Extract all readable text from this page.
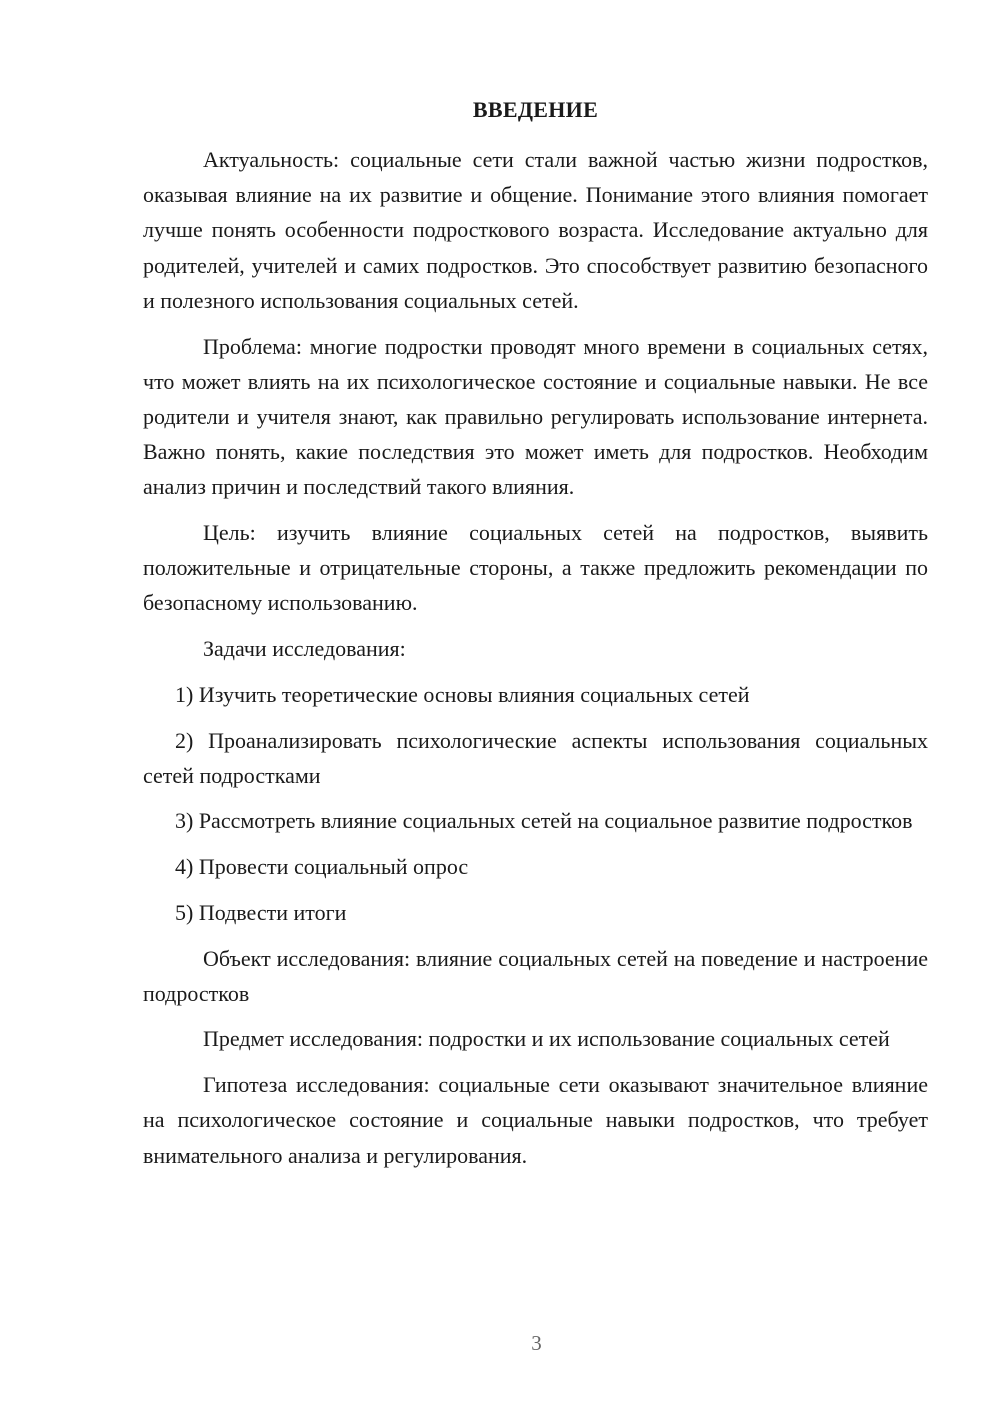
ВВЕДЕНИЕ

Актуальность: социальные сети стали важной частью жизни подростков, оказывая влияние на их развитие и общение. Понимание этого влияния помогает лучше понять особенности подросткового возраста. Исследование актуально для родителей, учителей и самих подростков. Это способствует развитию безопасного и полезного использования социальных сетей.

Проблема: многие подростки проводят много времени в социальных сетях, что может влиять на их психологическое состояние и социальные навыки. Не все родители и учителя знают, как правильно регулировать использование интернета. Важно понять, какие последствия это может иметь для подростков. Необходим анализ причин и последствий такого влияния.

Цель: изучить влияние социальных сетей на подростков, выявить положительные и отрицательные стороны, а также предложить рекомендации по безопасному использованию.

Задачи исследования:

1) Изучить теоретические основы влияния социальных сетей

2) Проанализировать психологические аспекты использования социальных сетей подростками

3) Рассмотреть влияние социальных сетей на социальное развитие подростков

4) Провести социальный опрос

5) Подвести итоги

Объект исследования: влияние социальных сетей на поведение и настроение подростков

Предмет исследования: подростки и их использование социальных сетей

Гипотеза исследования: социальные сети оказывают значительное влияние на психологическое состояние и социальные навыки подростков, что требует внимательного анализа и регулирования.

3
